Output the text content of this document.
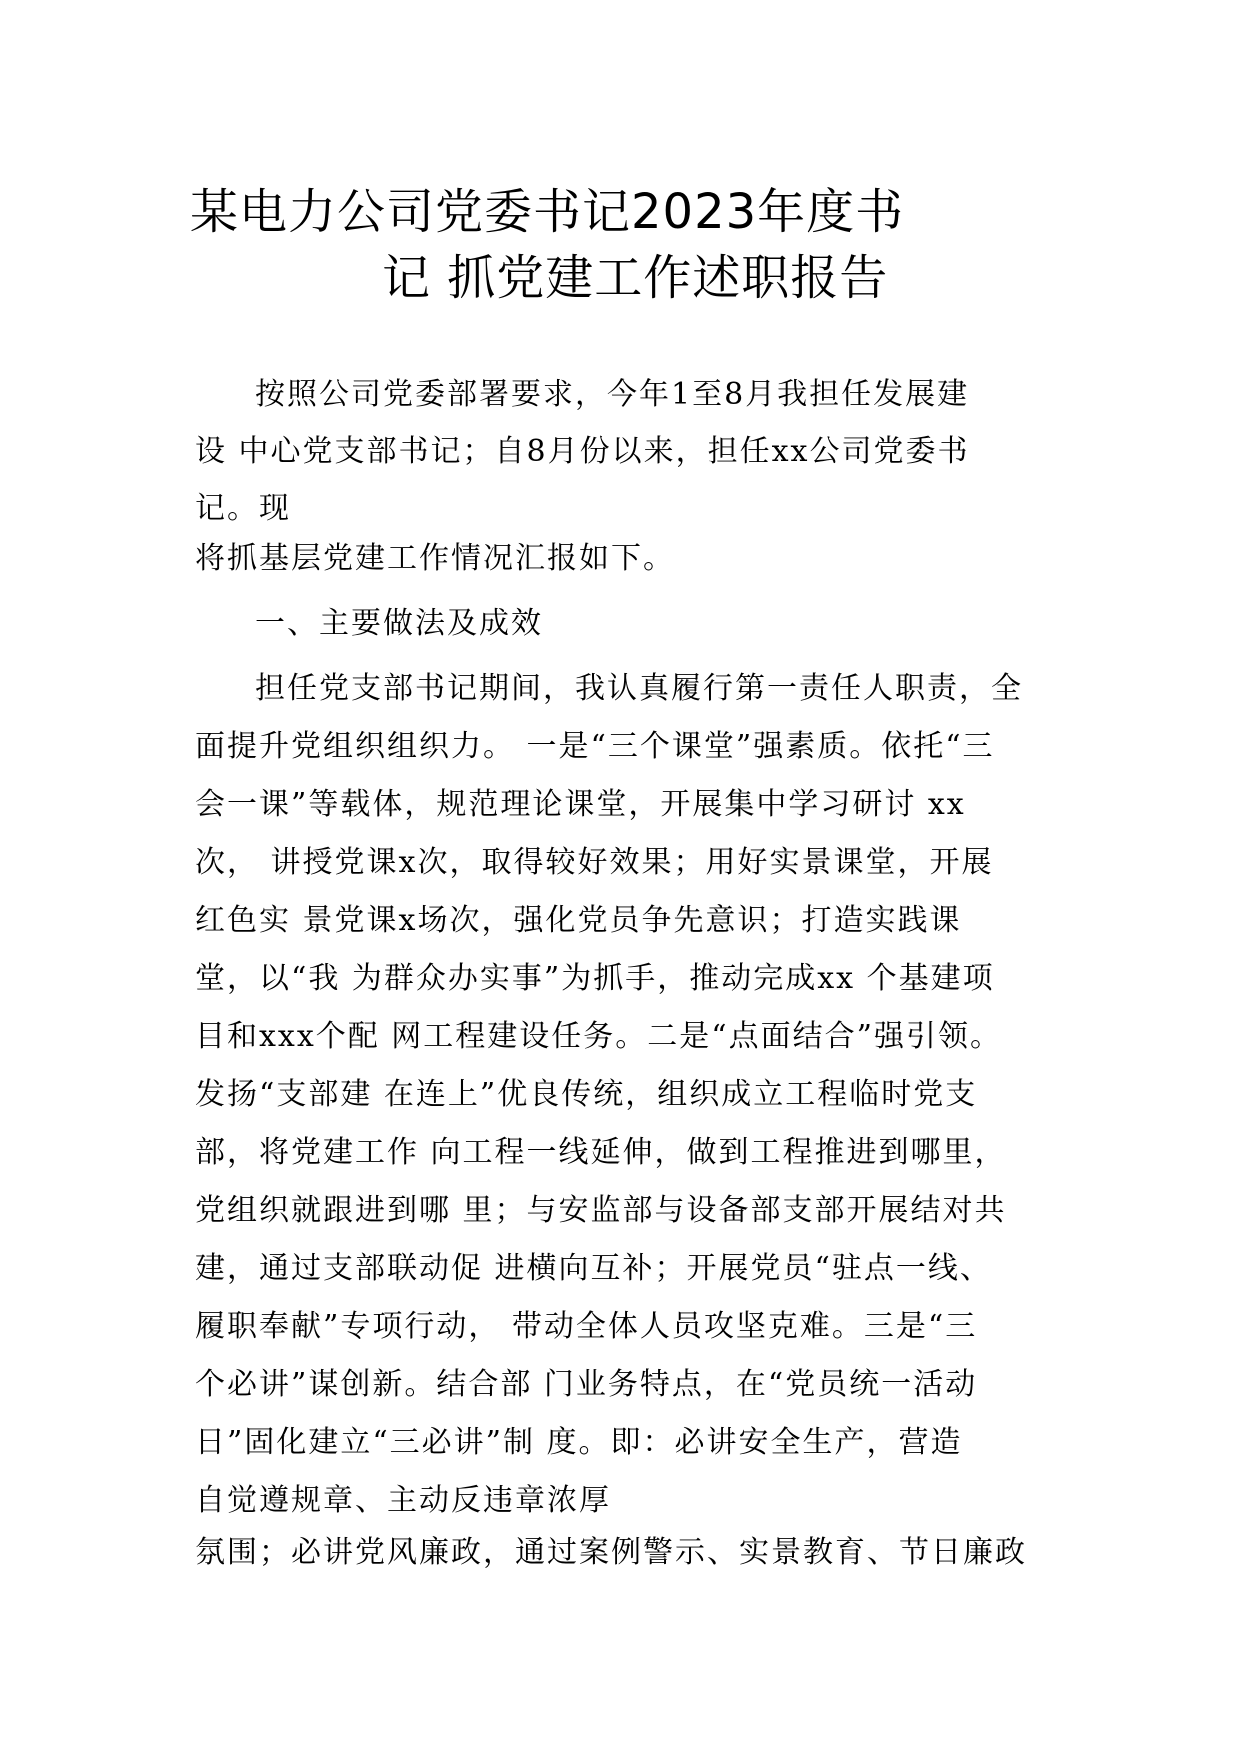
某电力公司党委书记2023年度书
记 抓党建工作述职报告
按照公司党委部署要求，今年1至8月我担任发展建
设 中心党支部书记；自8月份以来，担任xx公司党委书
记。现
将抓基层党建工作情况汇报如下。
一、主要做法及成效
担任党支部书记期间，我认真履行第一责任人职责，全
面提升党组织组织力。 一是“三个课堂”强素质。依托“三
会一课”等载体，规范理论课堂，开展集中学习研讨 xx
次， 讲授党课x次，取得较好效果；用好实景课堂，开展
红色实 景党课x场次，强化党员争先意识；打造实践课
堂，以“我 为群众办实事”为抓手，推动完成xx 个基建项
目和xxx个配 网工程建设任务。二是“点面结合”强引领。
发扬“支部建 在连上”优良传统，组织成立工程临时党支
部，将党建工作 向工程一线延伸，做到工程推进到哪里，
党组织就跟进到哪 里；与安监部与设备部支部开展结对共
建，通过支部联动促 进横向互补；开展党员“驻点一线、
履职奉献”专项行动， 带动全体人员攻坚克难。三是“三
个必讲”谋创新。结合部 门业务特点，在“党员统一活动
日”固化建立“三必讲”制 度。即：必讲安全生产，营造
自觉遵规章、主动反违章浓厚
氛围；必讲党风廉政，通过案例警示、实景教育、节日廉政
